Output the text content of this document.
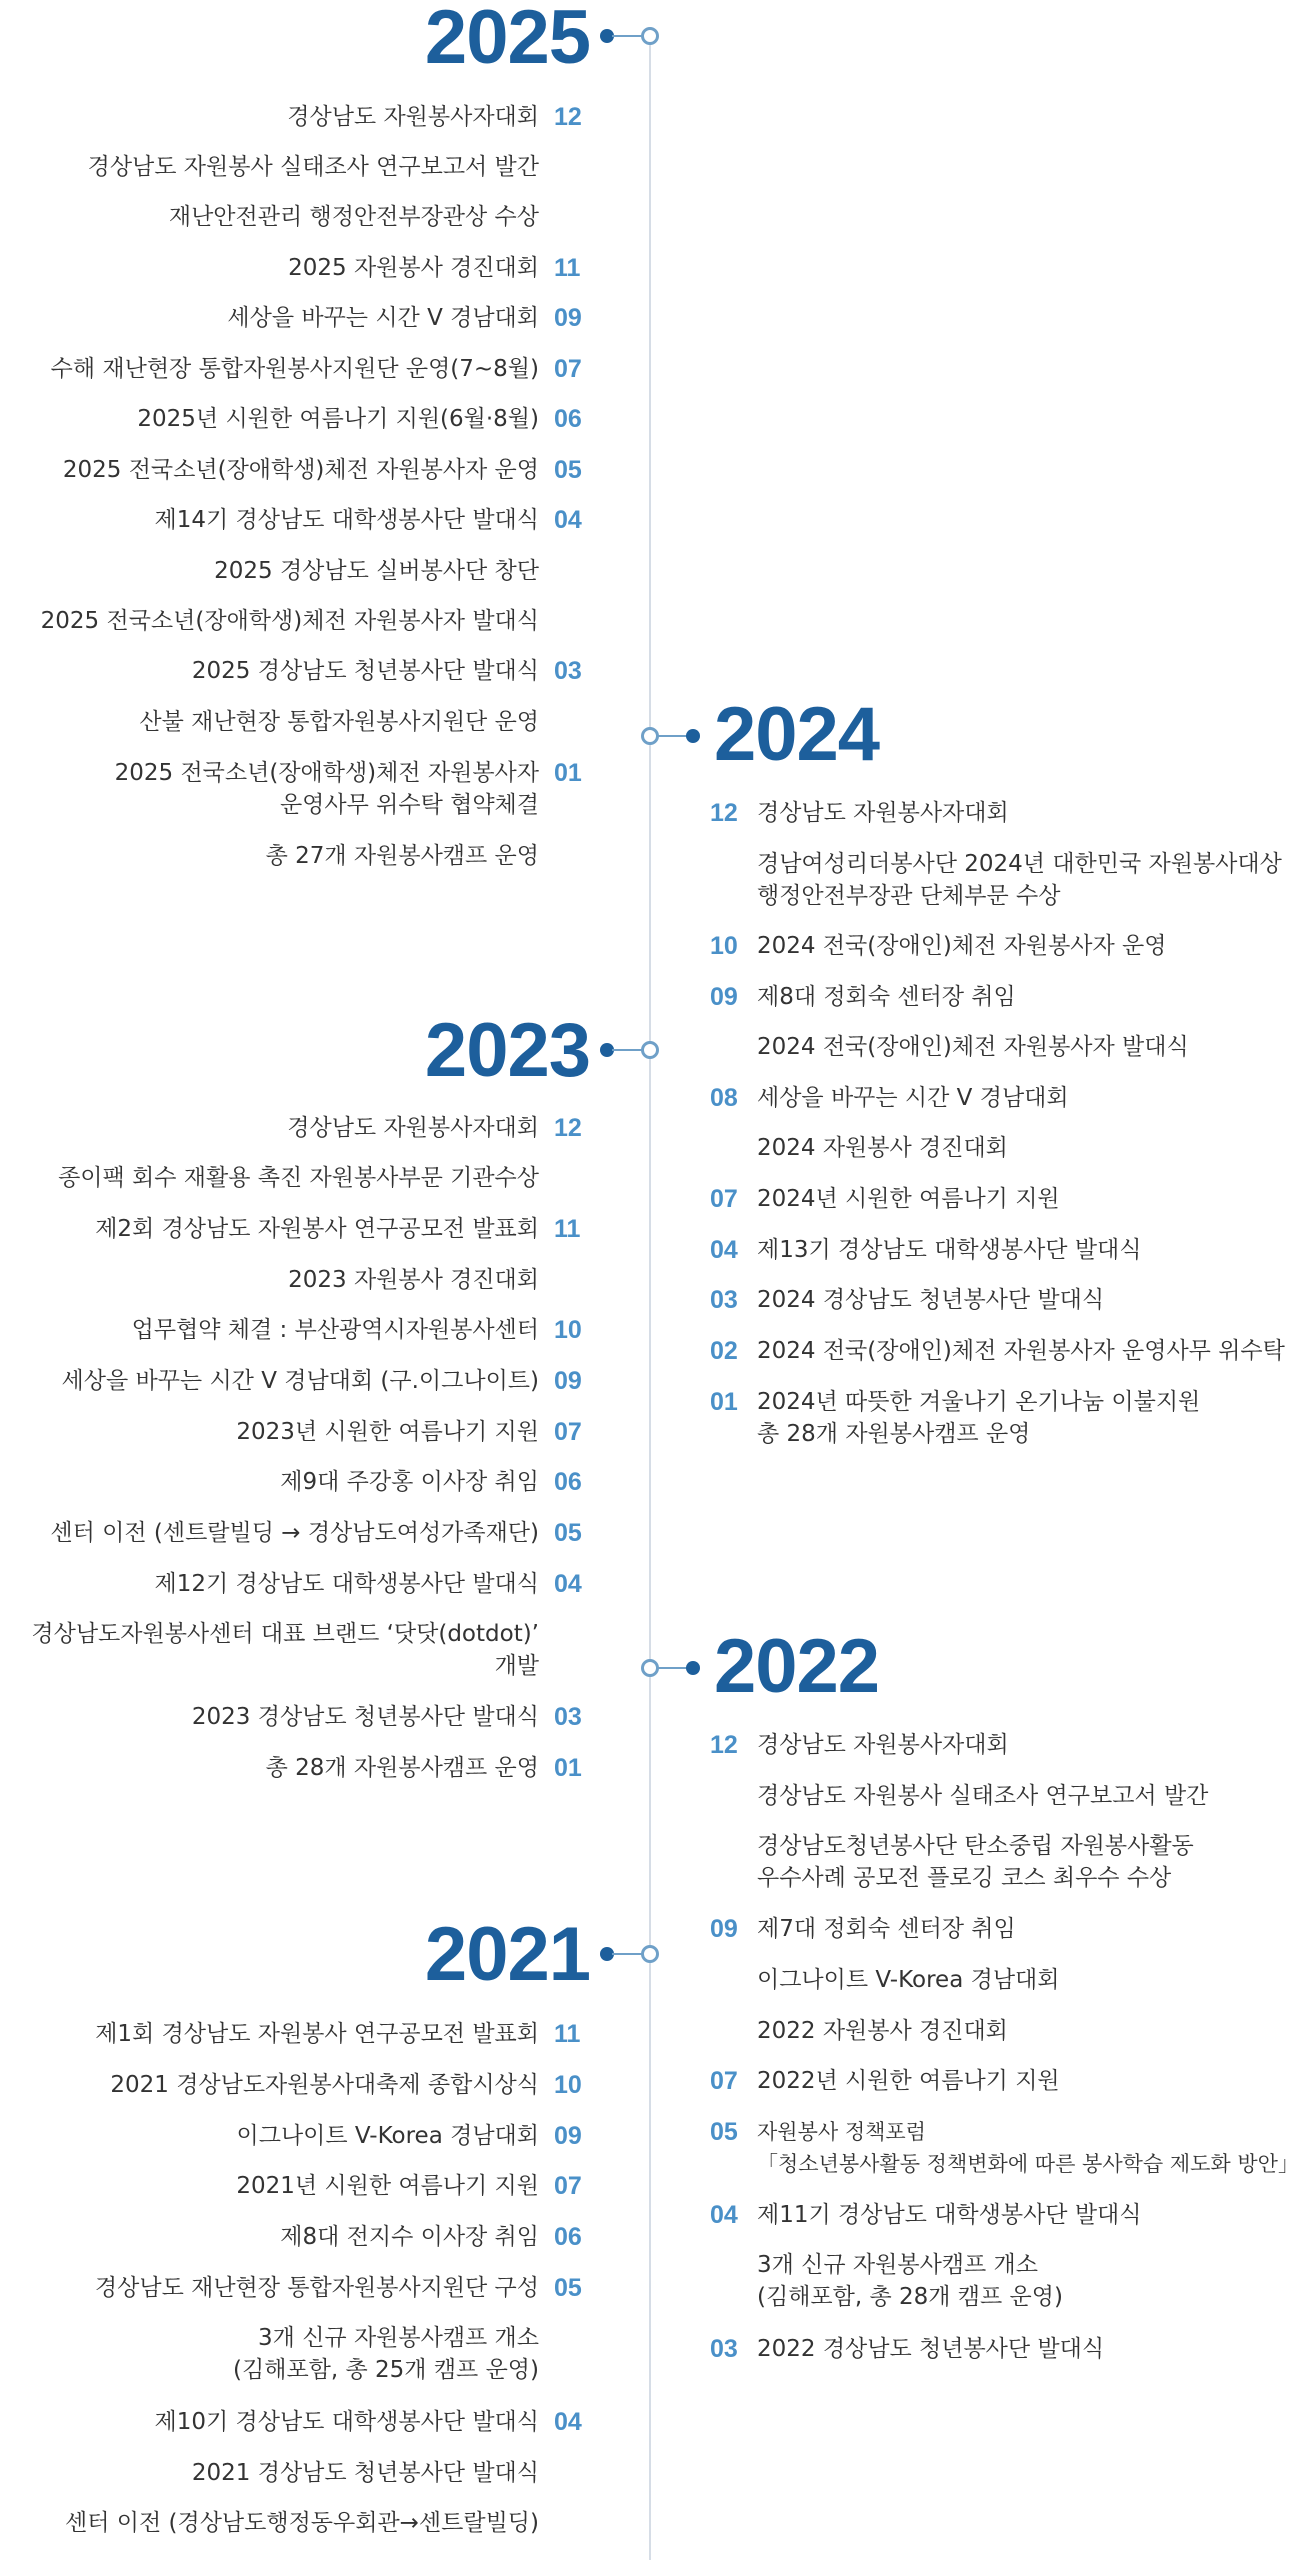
2025
2024
2023
2022
2021
12
경상남도 자원봉사자대회
경상남도 자원봉사 실태조사 연구보고서 발간
재난안전관리 행정안전부장관상 수상
11
2025 자원봉사 경진대회
09
세상을 바꾸는 시간 V 경남대회
07
수해 재난현장 통합자원봉사지원단 운영(7~8월)
06
2025년 시원한 여름나기 지원(6월·8월)
05
2025 전국소년(장애학생)체전 자원봉사자 운영
04
제14기 경상남도 대학생봉사단 발대식
2025 경상남도 실버봉사단 창단
2025 전국소년(장애학생)체전 자원봉사자 발대식
03
2025 경상남도 청년봉사단 발대식
산불 재난현장 통합자원봉사지원단 운영
01
2025 전국소년(장애학생)체전 자원봉사자
운영사무 위수탁 협약체결
총 27개 자원봉사캠프 운영
12 경상남도 자원봉사자대회
경남여성리더봉사단 2024년 대한민국 자원봉사대상
행정안전부장관 단체부문 수상
10 2024 전국(장애인)체전 자원봉사자 운영
09 제8대 정회숙 센터장 취임
2024 전국(장애인)체전 자원봉사자 발대식
08 세상을 바꾸는 시간 V 경남대회
2024 자원봉사 경진대회
07 2024년 시원한 여름나기 지원
04 제13기 경상남도 대학생봉사단 발대식
03 2024 경상남도 청년봉사단 발대식
02 2024 전국(장애인)체전 자원봉사자 운영사무 위수탁
01 2024년 따뜻한 겨울나기 온기나눔 이불지원
총 28개 자원봉사캠프 운영
12
경상남도 자원봉사자대회
종이팩 회수 재활용 촉진 자원봉사부문 기관수상
11
제2회 경상남도 자원봉사 연구공모전 발표회
2023 자원봉사 경진대회
10
업무협약 체결 : 부산광역시자원봉사센터
09
세상을 바꾸는 시간 V 경남대회 (구.이그나이트)
07
2023년 시원한 여름나기 지원
06
제9대 주강홍 이사장 취임
05
센터 이전 (센트랄빌딩 → 경상남도여성가족재단)
04
제12기 경상남도 대학생봉사단 발대식
경상남도자원봉사센터 대표 브랜드 ‘닷닷(dotdot)’
개발
03
2023 경상남도 청년봉사단 발대식
01
총 28개 자원봉사캠프 운영
12 경상남도 자원봉사자대회
경상남도 자원봉사 실태조사 연구보고서 발간
경상남도청년봉사단 탄소중립 자원봉사활동
우수사례 공모전 플로깅 코스 최우수 수상
09 제7대 정회숙 센터장 취임
이그나이트 V-Korea 경남대회
2022 자원봉사 경진대회
07 2022년 시원한 여름나기 지원
05 자원봉사 정책포럼
「청소년봉사활동 정책변화에 따른 봉사학습 제도화 방안」
04 제11기 경상남도 대학생봉사단 발대식
3개 신규 자원봉사캠프 개소
(김해포함, 총 28개 캠프 운영)
03 2022 경상남도 청년봉사단 발대식
11
제1회 경상남도 자원봉사 연구공모전 발표회
10
2021 경상남도자원봉사대축제 종합시상식
09
이그나이트 V-Korea 경남대회
07
2021년 시원한 여름나기 지원
06
제8대 전지수 이사장 취임
05
경상남도 재난현장 통합자원봉사지원단 구성
3개 신규 자원봉사캠프 개소
(김해포함, 총 25개 캠프 운영)
04
제10기 경상남도 대학생봉사단 발대식
2021 경상남도 청년봉사단 발대식
센터 이전 (경상남도행정동우회관→센트랄빌딩)
